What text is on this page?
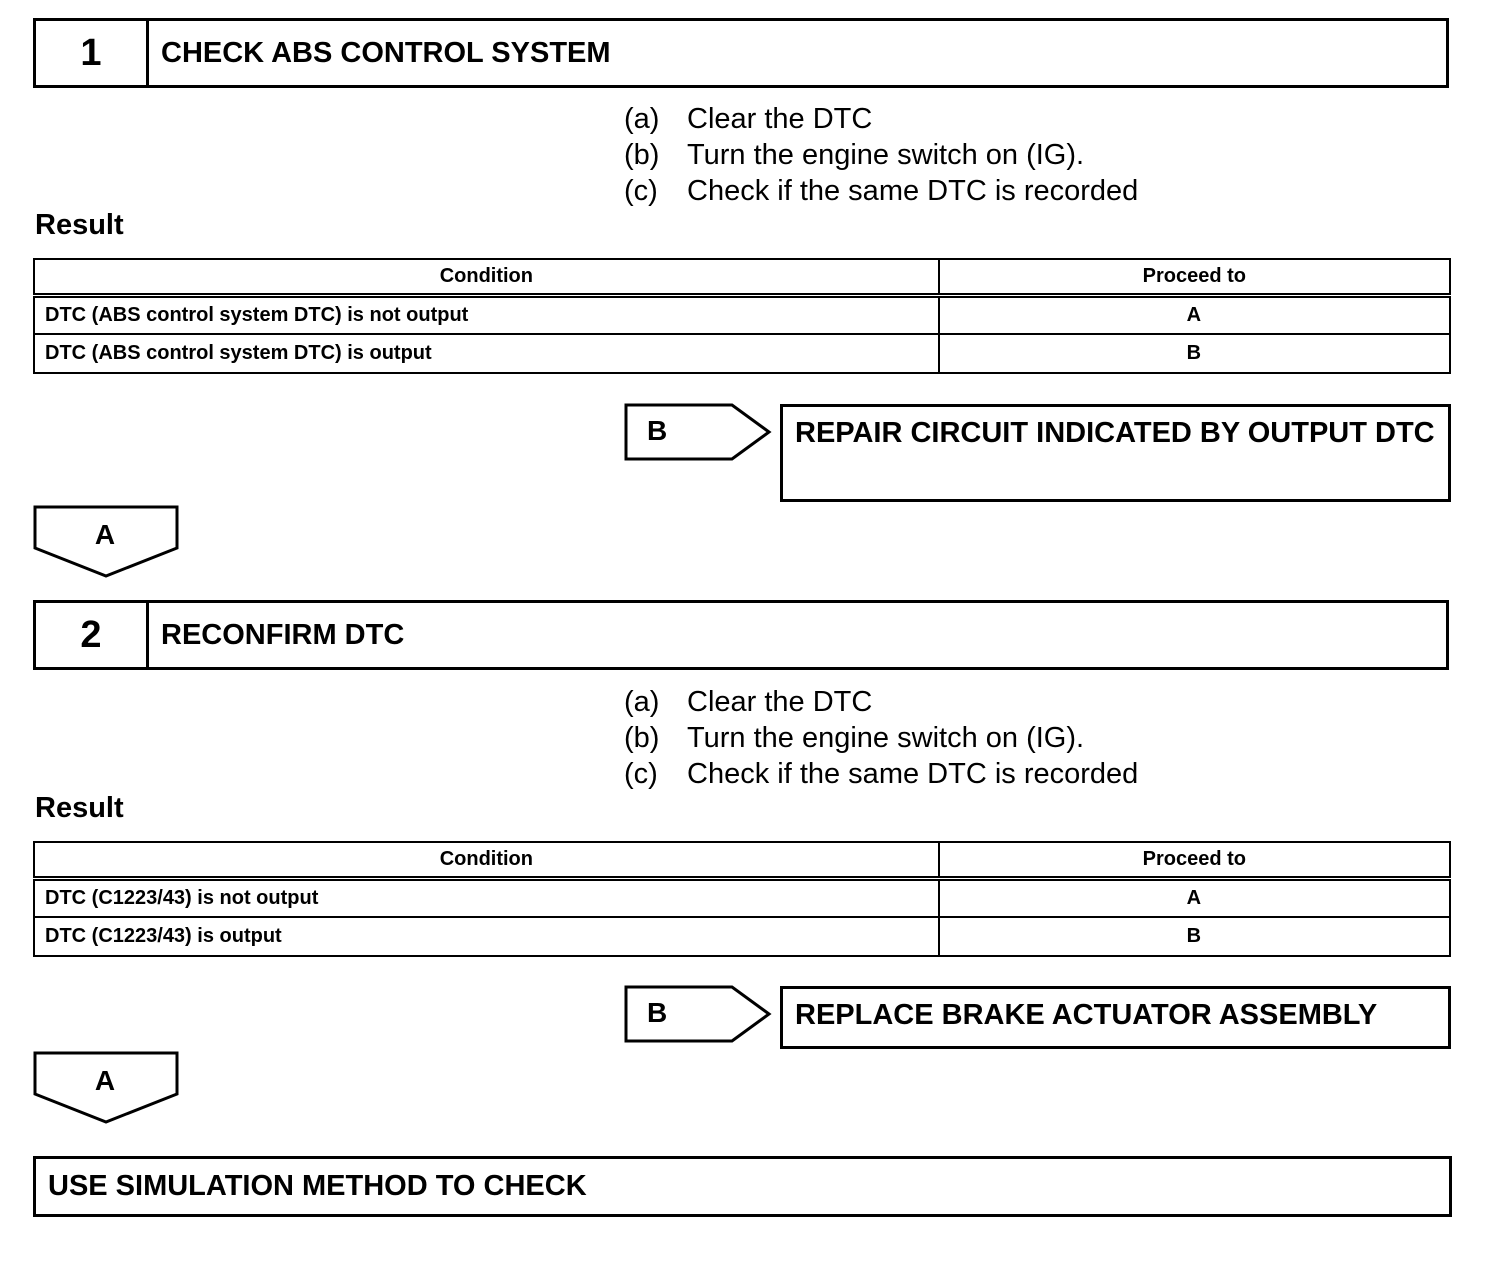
1	CHECK ABS CONTROL SYSTEM
(a) Clear the DTC
(b) Turn the engine switch on (IG).
(c)	Check if the same DTC is recorded
Result
Condition	Proceed to
DTC (ABS control system DTC) is not output	A
DTC (ABS control system DTC) is output	B
B	REPAIR CIRCUIT INDICATED BY OUTPUT DTC
A
2	RECONFIRM DTC
(a) Clear the DTC
(b) Turn the engine switch on (IG).
(c)	Check if the same DTC is recorded
Result
Condition	Proceed to
DTC (C1223/43) is not output	A
DTC (C1223/43) is output	B
B	REPLACE BRAKE ACTUATOR ASSEMBLY
A
USE SIMULATION METHOD TO CHECK
